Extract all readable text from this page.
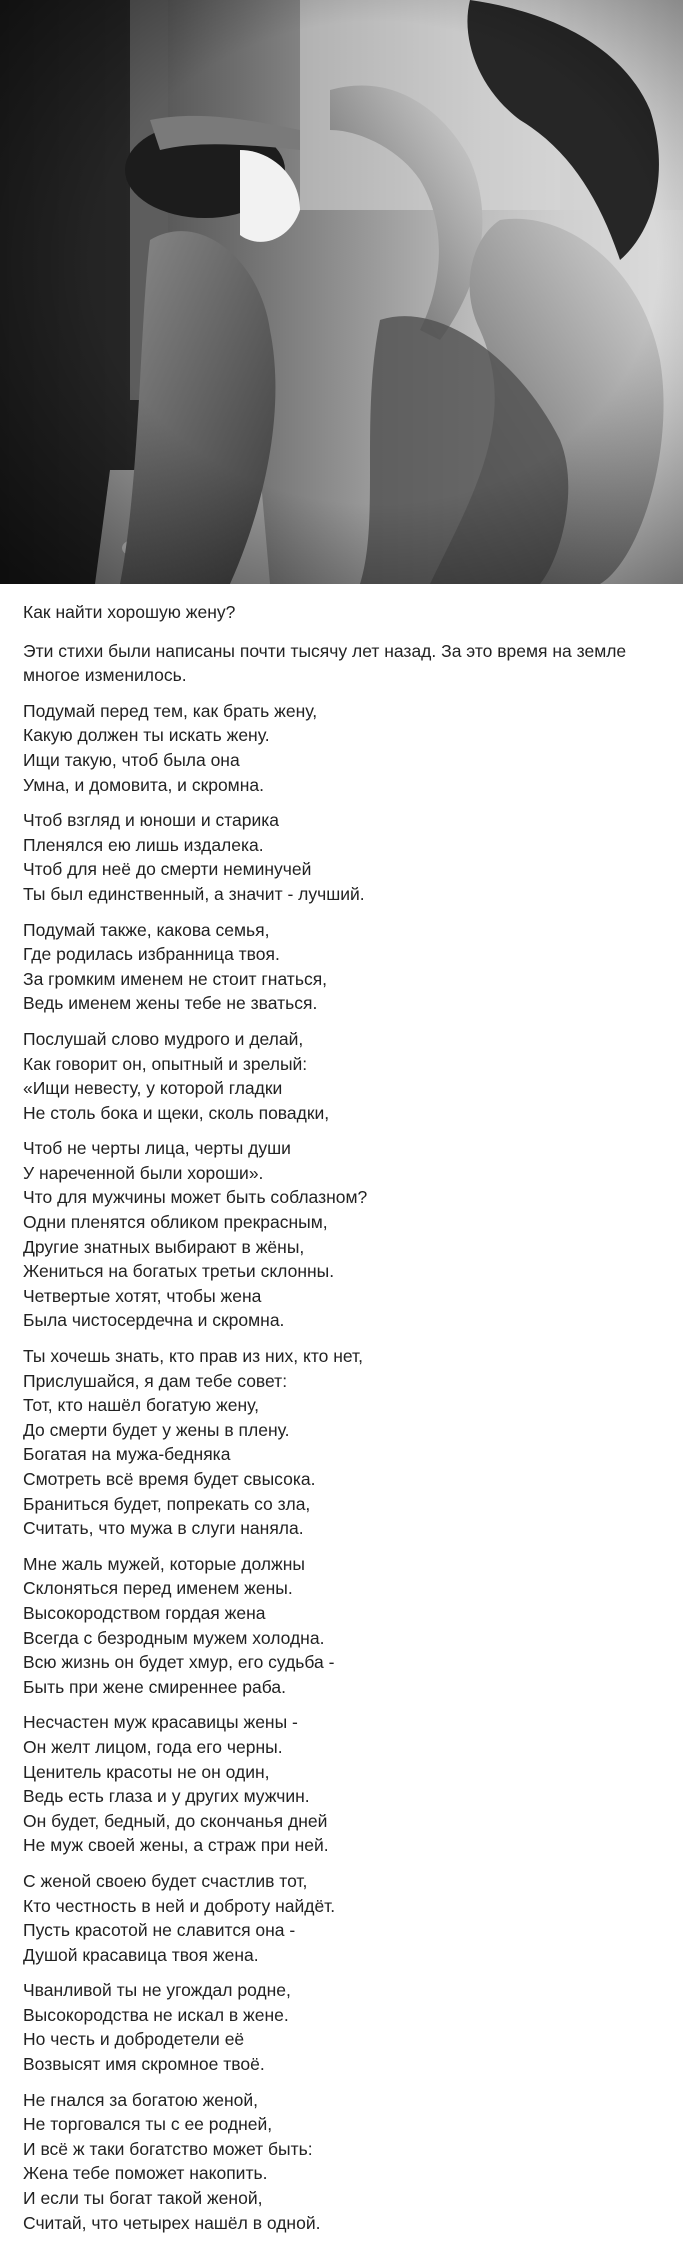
Как найти хорошую жену?
Эти стихи были написаны почти тысячу лет назад. За это время на земле многое изменилось.
Подумай перед тем, как брать жену,
Какую должен ты искать жену.
Ищи такую, чтоб была она
Умна, и домовита, и скромна.
Чтоб взгляд и юноши и старика
Пленялся ею лишь издалека.
Чтоб для неё до смерти неминучей
Ты был единственный, а значит - лучший.
Подумай также, какова семья,
Где родилась избранница твоя.
За громким именем не стоит гнаться,
Ведь именем жены тебе не зваться.
Послушай слово мудрого и делай,
Как говорит он, опытный и зрелый:
«Ищи невесту, у которой гладки
Не столь бока и щеки, сколь повадки,
Чтоб не черты лица, черты души
У нареченной были хороши».
Что для мужчины может быть соблазном?
Одни пленятся обликом прекрасным,
Другие знатных выбирают в жёны,
Жениться на богатых третьи склонны.
Четвертые хотят, чтобы жена
Была чистосердечна и скромна.
Ты хочешь знать, кто прав из них, кто нет,
Прислушайся, я дам тебе совет:
Тот, кто нашёл богатую жену,
До смерти будет у жены в плену.
Богатая на мужа-бедняка
Смотреть всё время будет свысока.
Браниться будет, попрекать со зла,
Считать, что мужа в слуги наняла.
Мне жаль мужей, которые должны
Склоняться перед именем жены.
Высокородством гордая жена
Всегда с безродным мужем холодна.
Всю жизнь он будет хмур, его судьба -
Быть при жене смиреннее раба.
Несчастен муж красавицы жены -
Он желт лицом, года его черны.
Ценитель красоты не он один,
Ведь есть глаза и у других мужчин.
Он будет, бедный, до скончанья дней
Не муж своей жены, а страж при ней.
С женой своею будет счастлив тот,
Кто честность в ней и доброту найдёт.
Пусть красотой не славится она -
Душой красавица твоя жена.
Чванливой ты не угождал родне,
Высокородства не искал в жене.
Но честь и добродетели её
Возвысят имя скромное твоё.
Не гнался за богатою женой,
Не торговался ты с ее родней,
И всё ж таки богатство может быть:
Жена тебе поможет накопить.
И если ты богат такой женой,
Считай, что четырех нашёл в одной.
